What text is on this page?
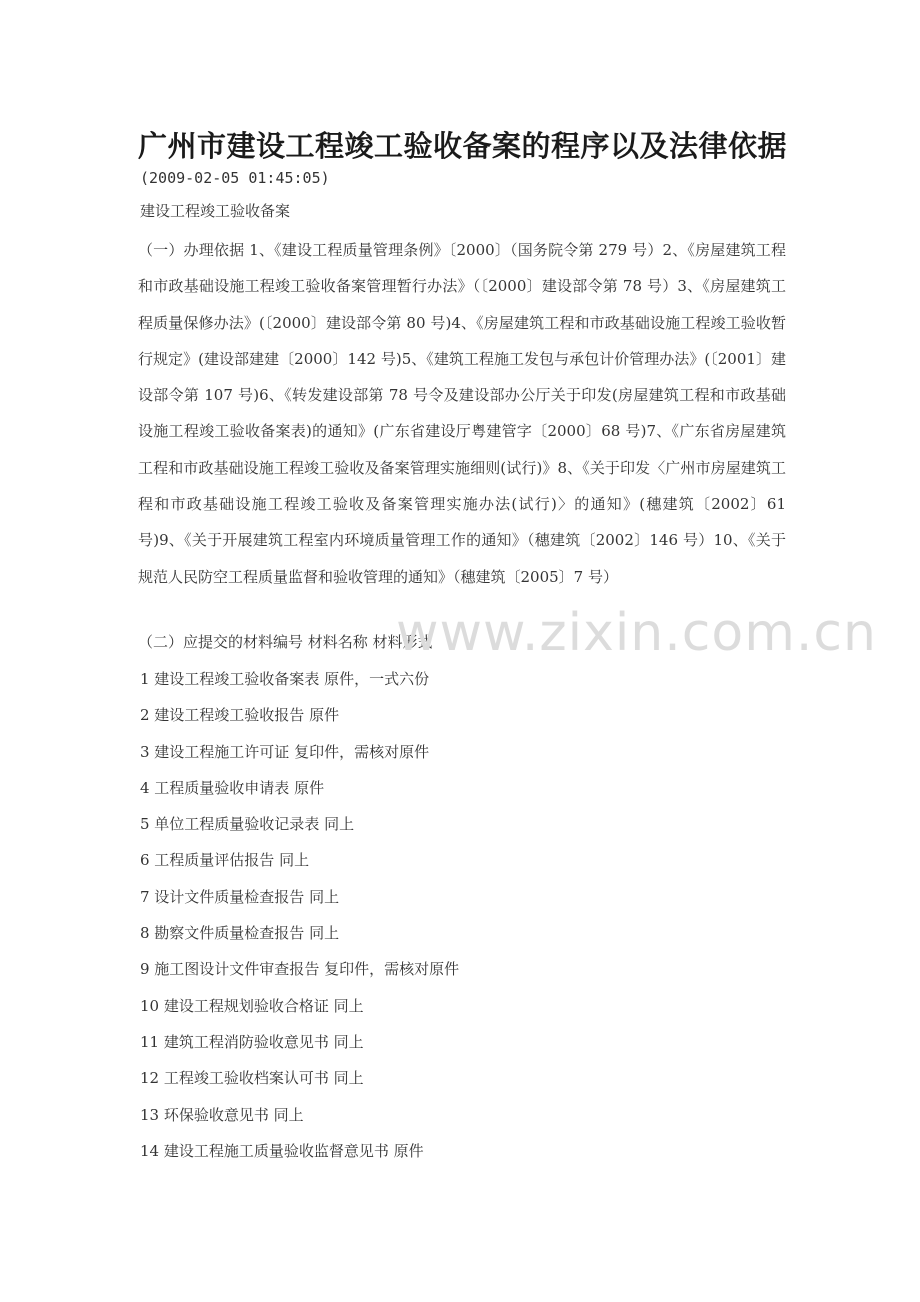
广州市建设工程竣工验收备案的程序以及法律依据
(2009-02-05 01:45:05)
建设工程竣工验收备案

（一）办理依据 1、《建设工程质量管理条例》〔2000〕（国务院令第 279 号）2、《房屋建筑工程和市政基础设施工程竣工验收备案管理暂行办法》（〔2000〕建设部令第 78 号）3、《房屋建筑工程质量保修办法》(〔2000〕建设部令第 80 号)4、《房屋建筑工程和市政基础设施工程竣工验收暂行规定》(建设部建建〔2000〕142 号)5、《建筑工程施工发包与承包计价管理办法》(〔2001〕建设部令第 107 号)6、《转发建设部第 78 号令及建设部办公厅关于印发(房屋建筑工程和市政基础设施工程竣工验收备案表)的通知》(广东省建设厅粤建管字〔2000〕68 号)7、《广东省房屋建筑工程和市政基础设施工程竣工验收及备案管理实施细则(试行)》8、《关于印发〈广州市房屋建筑工程和市政基础设施工程竣工验收及备案管理实施办法(试行)〉的通知》(穗建筑〔2002〕61 号)9、《关于开展建筑工程室内环境质量管理工作的通知》（穗建筑〔2002〕146 号）10、《关于规范人民防空工程质量监督和验收管理的通知》（穗建筑〔2005〕7 号）

（二）应提交的材料编号 材料名称 材料形式
1 建设工程竣工验收备案表 原件，一式六份
2 建设工程竣工验收报告 原件
3 建设工程施工许可证 复印件，需核对原件
4 工程质量验收申请表 原件
5 单位工程质量验收记录表 同上
6 工程质量评估报告 同上
7 设计文件质量检查报告 同上
8 勘察文件质量检查报告 同上
9 施工图设计文件审查报告 复印件，需核对原件
10 建设工程规划验收合格证 同上
11 建筑工程消防验收意见书 同上
12 工程竣工验收档案认可书 同上
13 环保验收意见书 同上
14 建设工程施工质量验收监督意见书 原件
www.zixin.com.cn
